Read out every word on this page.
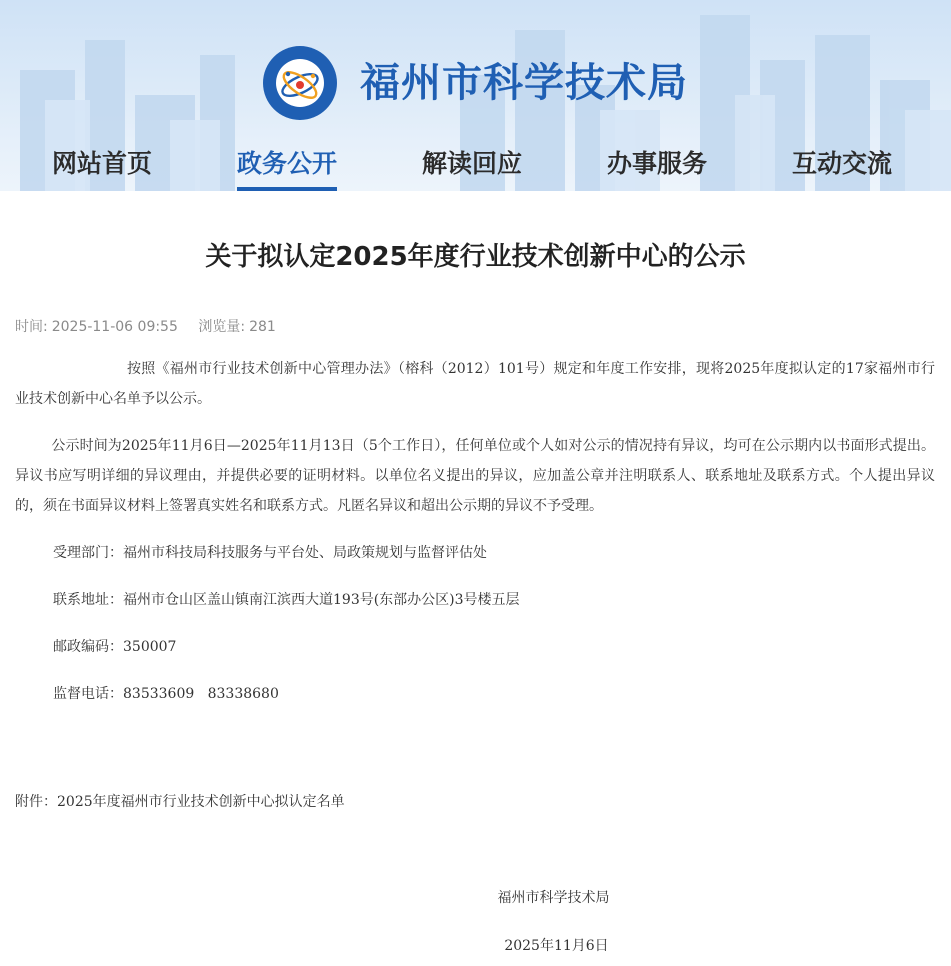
福州市科学技术局
网站首页	政务公开	解读回应	办事服务	互动交流
关于拟认定2025年度行业技术创新中心的公示
时间: 2025-11-06 09:55 浏览量: 281

按照《福州市行业技术创新中心管理办法》（榕科（2012）101号）规定和年度工作安排，现将2025年度拟认定的17家福州市行业技术创新中心名单予以公示。

公示时间为2025年11月6日—2025年11月13日（5个工作日），任何单位或个人如对公示的情况持有异议，均可在公示期内以书面形式提出。异议书应写明详细的异议理由，并提供必要的证明材料。以单位名义提出的异议，应加盖公章并注明联系人、联系地址及联系方式。个人提出异议的，须在书面异议材料上签署真实姓名和联系方式。凡匿名异议和超出公示期的异议不予受理。

受理部门：福州市科技局科技服务与平台处、局政策规划与监督评估处

联系地址：福州市仓山区盖山镇南江滨西大道193号(东部办公区)3号楼五层

邮政编码：350007

监督电话：83533609   83338680

附件：2025年度福州市行业技术创新中心拟认定名单
福州市科学技术局
2025年11月6日
